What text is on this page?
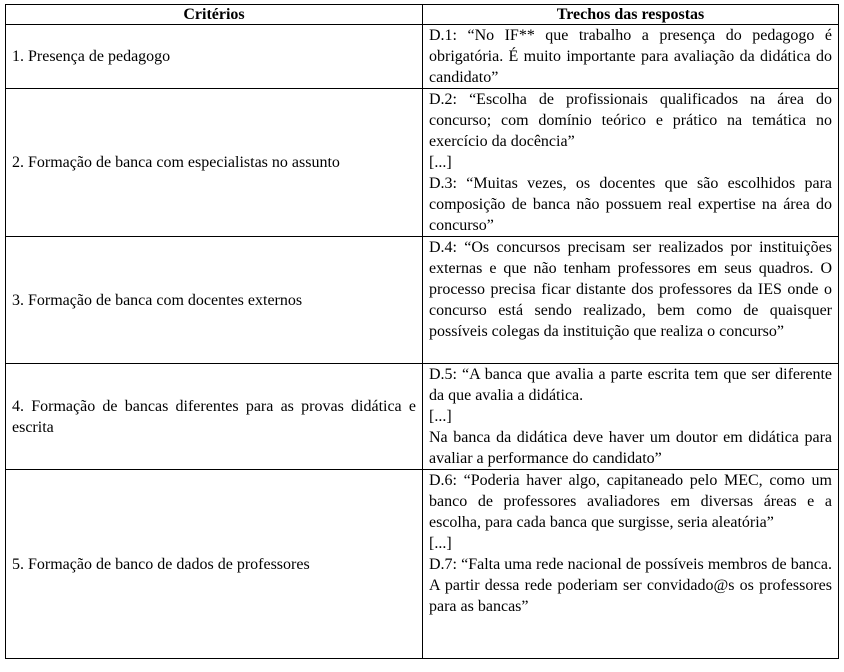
Critérios	Trechos das respostas
1. Presença de pedagogo	D.1: “No IF** que trabalho a presença do pedagogo é obrigatória. É muito importante para avaliação da didática do candidato”

2. Formação de banca com especialistas no assunto	D.2: “Escolha de profissionais qualificados na área do concurso; com domínio teórico e prático na temática no exercício da docência”

[...]

D.3: “Muitas vezes, os docentes que são escolhidos para composição de banca não possuem real expertise na área do concurso”

3. Formação de banca com docentes externos	D.4: “Os concursos precisam ser realizados por instituições externas e que não tenham professores em seus quadros. O processo precisa ficar distante dos professores da IES onde o concurso está sendo realizado, bem como de quaisquer possíveis colegas da instituição que realiza o concurso”

4. Formação de bancas diferentes para as provas didática e escrita	D.5: “A banca que avalia a parte escrita tem que ser diferente da que avalia a didática.

[...]

Na banca da didática deve haver um doutor em didática para avaliar a performance do candidato”

5. Formação de banco de dados de professores	D.6: “Poderia haver algo, capitaneado pelo MEC, como um banco de professores avaliadores em diversas áreas e a escolha, para cada banca que surgisse, seria aleatória”

[...]

D.7: “Falta uma rede nacional de possíveis membros de banca. A partir dessa rede poderiam ser convidado@s os professores para as bancas”
